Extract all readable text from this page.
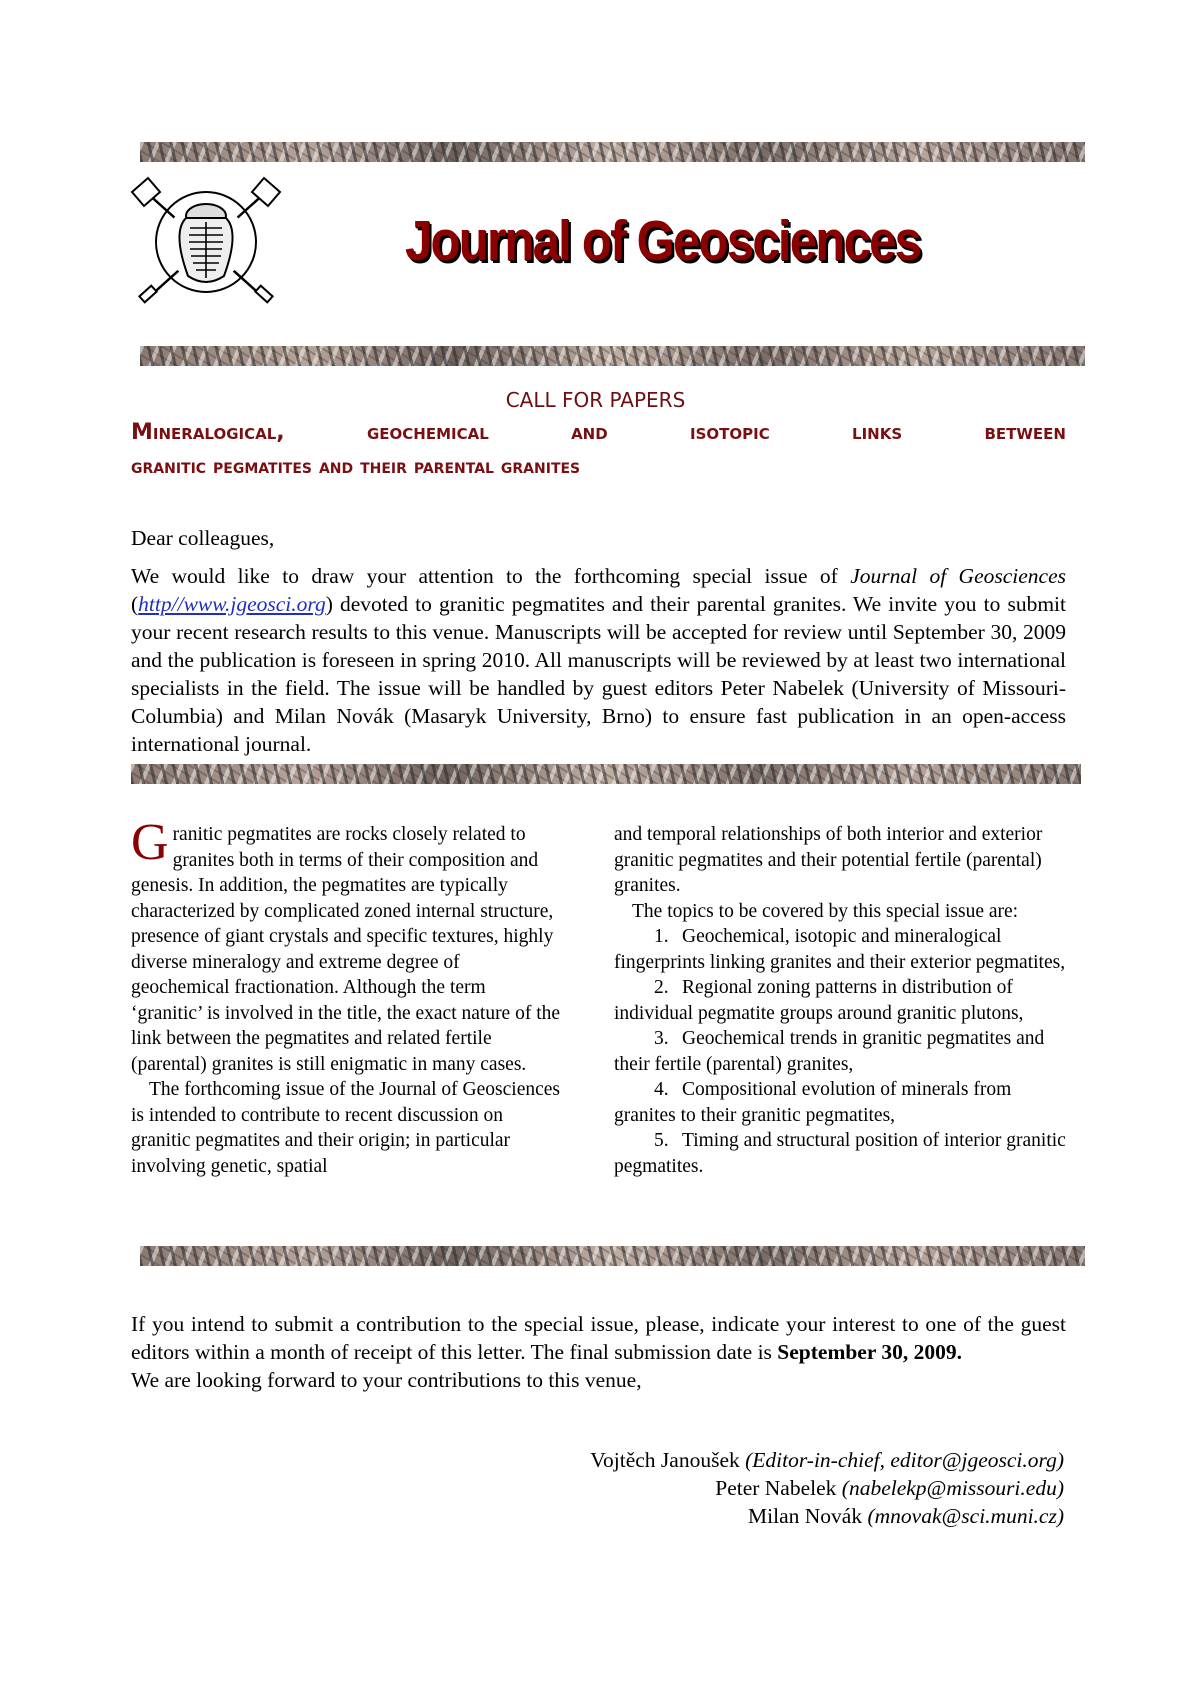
Journal of Geosciences
CALL FOR PAPERS
Mineralogical,	geochemical	and	isotopic	links	between
granitic pegmatites and their parental granites
Dear colleagues,
We would like to draw your attention to the forthcoming special issue of Journal of Geosciences (http//www.jgeosci.org) devoted to granitic pegmatites and their parental granites. We invite you to submit your recent research results to this venue. Manuscripts will be accepted for review until September 30, 2009 and the publication is foreseen in spring 2010. All manuscripts will be reviewed by at least two international specialists in the field. The issue will be handled by guest editors Peter Nabelek (University of Missouri-Columbia) and Milan Novák (Masaryk University, Brno) to ensure fast publication in an open-access international journal.

Granitic pegmatites are rocks closely related to granites both in terms of their composition and genesis. In addition, the pegmatites are typically characterized by complicated zoned internal structure, presence of giant crystals and specific textures, highly diverse mineralogy and extreme degree of geochemical fractionation. Although the term ‘granitic’ is involved in the title, the exact nature of the link between the pegmatites and related fertile (parental) granites is still enigmatic in many cases.

The forthcoming issue of the Journal of Geosciences is intended to contribute to recent discussion on granitic pegmatites and their origin; in particular involving genetic, spatial

and temporal relationships of both interior and exterior granitic pegmatites and their potential fertile (parental) granites.

The topics to be covered by this special issue are:

1. Geochemical, isotopic and mineralogical fingerprints linking granites and their exterior pegmatites,

2. Regional zoning patterns in distribution of individual pegmatite groups around granitic plutons,

3. Geochemical trends in granitic pegmatites and their fertile (parental) granites,

4. Compositional evolution of minerals from granites to their granitic pegmatites,

5. Timing and structural position of interior granitic pegmatites.

If you intend to submit a contribution to the special issue, please, indicate your interest to one of the guest editors within a month of receipt of this letter. The final submission date is September 30, 2009.
We are looking forward to your contributions to this venue,
Vojtěch Janoušek (Editor-in-chief, editor@jgeosci.org)
Peter Nabelek (nabelekp@missouri.edu)
Milan Novák (mnovak@sci.muni.cz)
